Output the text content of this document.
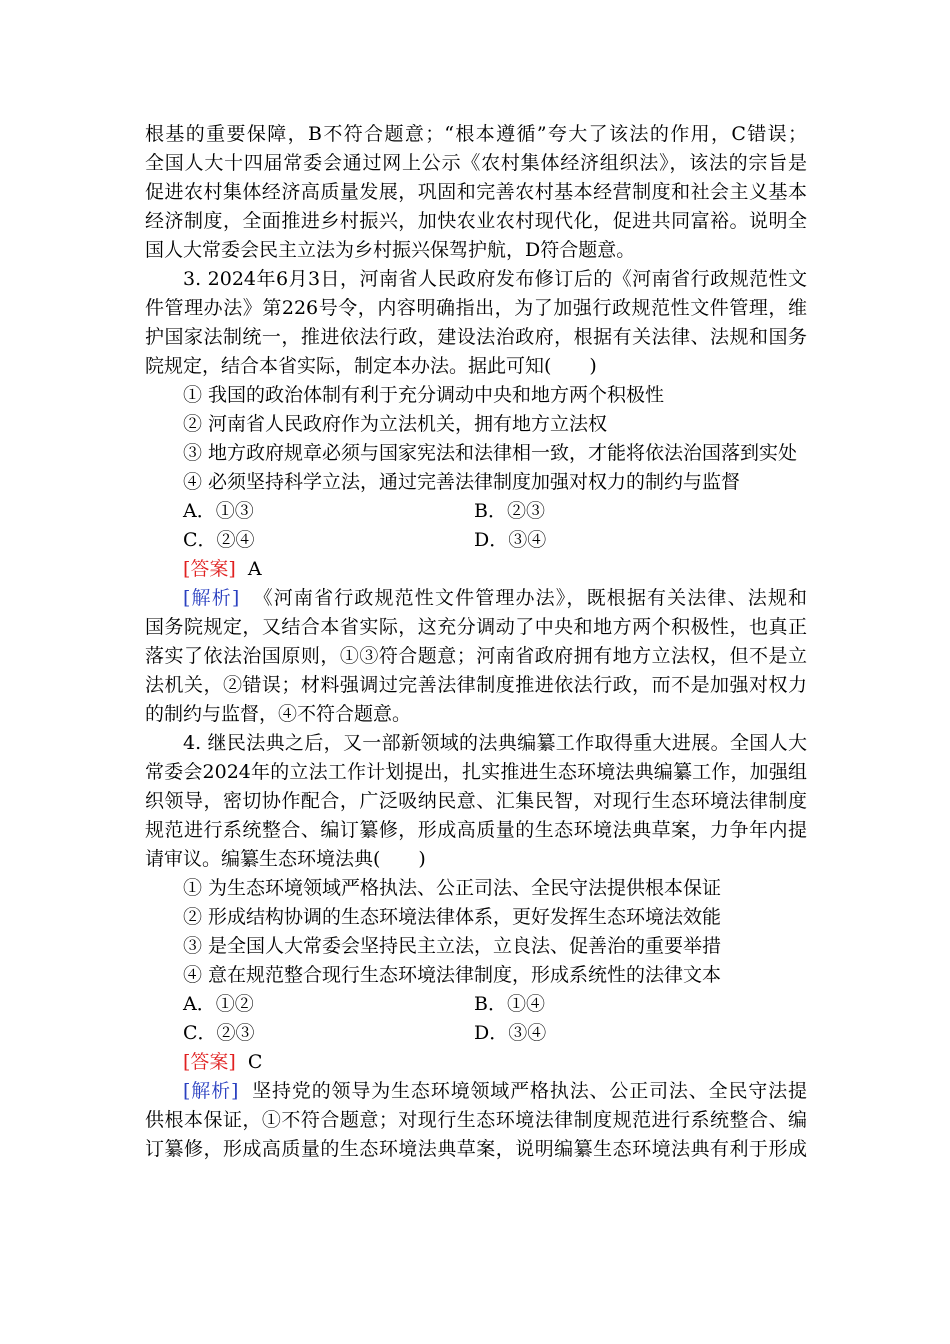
根基的重要保障，B不符合题意；“根本遵循”夸大了该法的作用，C错误；
全国人大十四届常委会通过网上公示《农村集体经济组织法》，该法的宗旨是
促进农村集体经济高质量发展，巩固和完善农村基本经营制度和社会主义基本
经济制度，全面推进乡村振兴，加快农业农村现代化，促进共同富裕。说明全
国人大常委会民主立法为乡村振兴保驾护航，D符合题意。
3. 2024年6月3日，河南省人民政府发布修订后的《河南省行政规范性文
件管理办法》第226号令，内容明确指出，为了加强行政规范性文件管理，维
护国家法制统一，推进依法行政，建设法治政府，根据有关法律、法规和国务
院规定，结合本省实际，制定本办法。据此可知(　　)
① 我国的政治体制有利于充分调动中央和地方两个积极性
② 河南省人民政府作为立法机关，拥有地方立法权
③ 地方政府规章必须与国家宪法和法律相一致，才能将依法治国落到实处
④ 必须坚持科学立法，通过完善法律制度加强对权力的制约与监督
A．①③	B．②③
C．②④	D．③④
[答案] A
[解析] 《河南省行政规范性文件管理办法》，既根据有关法律、法规和
国务院规定，又结合本省实际，这充分调动了中央和地方两个积极性，也真正
落实了依法治国原则，①③符合题意；河南省政府拥有地方立法权，但不是立
法机关，②错误；材料强调过完善法律制度推进依法行政，而不是加强对权力
的制约与监督，④不符合题意。
4. 继民法典之后，又一部新领域的法典编纂工作取得重大进展。全国人大
常委会2024年的立法工作计划提出，扎实推进生态环境法典编纂工作，加强组
织领导，密切协作配合，广泛吸纳民意、汇集民智，对现行生态环境法律制度
规范进行系统整合、编订纂修，形成高质量的生态环境法典草案，力争年内提
请审议。编纂生态环境法典(　　)
① 为生态环境领域严格执法、公正司法、全民守法提供根本保证
② 形成结构协调的生态环境法律体系，更好发挥生态环境法效能
③ 是全国人大常委会坚持民主立法，立良法、促善治的重要举措
④ 意在规范整合现行生态环境法律制度，形成系统性的法律文本
A．①②	B．①④
C．②③	D．③④
[答案] C
[解析] 坚持党的领导为生态环境领域严格执法、公正司法、全民守法提
供根本保证，①不符合题意；对现行生态环境法律制度规范进行系统整合、编
订纂修，形成高质量的生态环境法典草案，说明编纂生态环境法典有利于形成
